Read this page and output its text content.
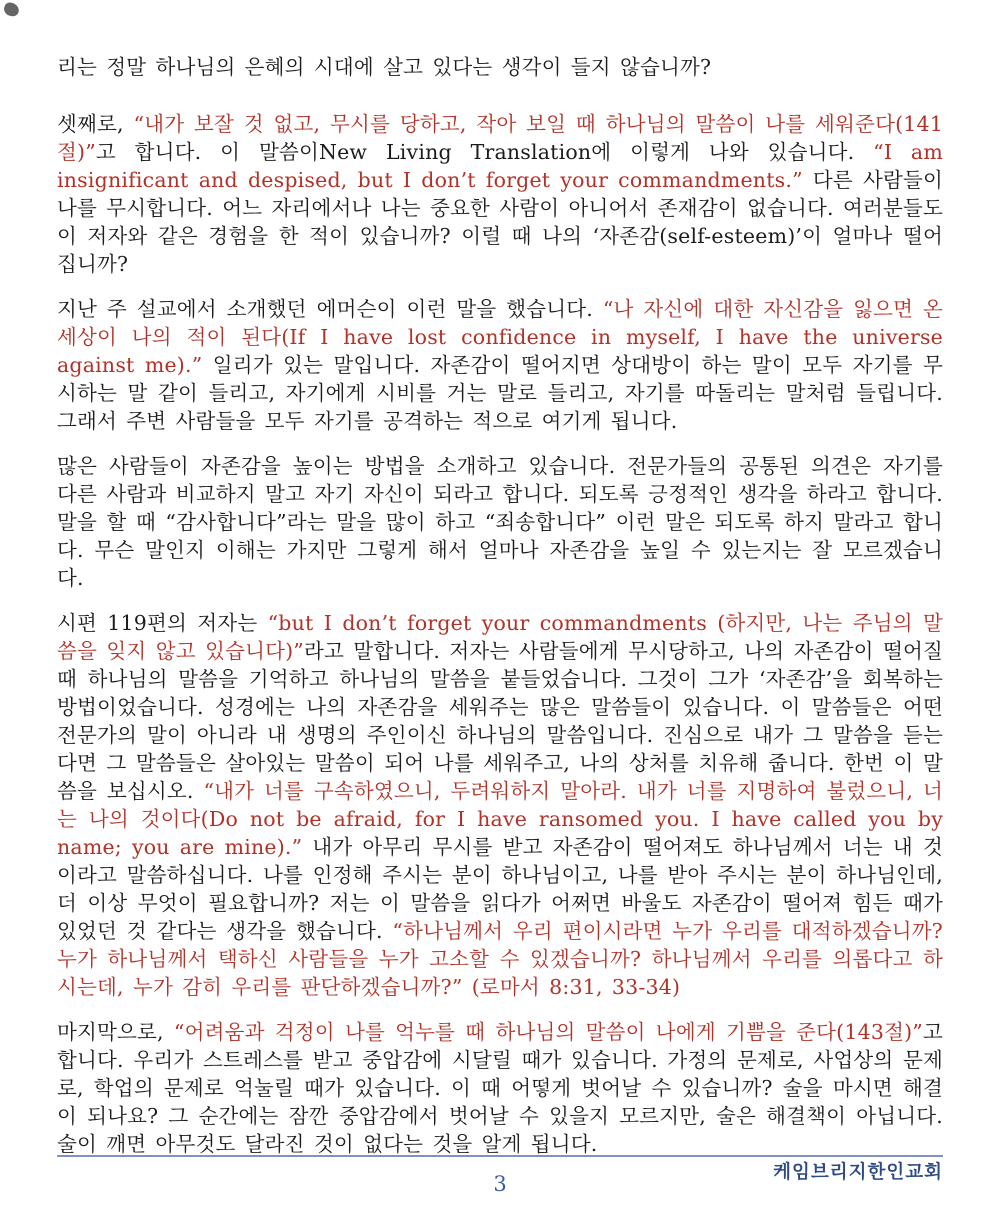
리는 정말 하나님의 은혜의 시대에 살고 있다는 생각이 들지 않습니까?

셋째로, “내가 보잘 것 없고, 무시를 당하고, 작아 보일 때 하나님의 말씀이 나를 세워준다(141절)”고 합니다. 이 말씀이New Living Translation에 이렇게 나와 있습니다. “I am insignificant and despised, but I don’t forget your commandments.” 다른 사람들이 나를 무시합니다. 어느 자리에서나 나는 중요한 사람이 아니어서 존재감이 없습니다. 여러분들도 이 저자와 같은 경험을 한 적이 있습니까? 이럴 때 나의 ‘자존감(self-esteem)’이 얼마나 떨어집니까?

지난 주 설교에서 소개했던 에머슨이 이런 말을 했습니다. “나 자신에 대한 자신감을 잃으면 온 세상이 나의 적이 된다(If I have lost confidence in myself, I have the universe against me).” 일리가 있는 말입니다. 자존감이 떨어지면 상대방이 하는 말이 모두 자기를 무시하는 말 같이 들리고, 자기에게 시비를 거는 말로 들리고, 자기를 따돌리는 말처럼 들립니다. 그래서 주변 사람들을 모두 자기를 공격하는 적으로 여기게 됩니다.

많은 사람들이 자존감을 높이는 방법을 소개하고 있습니다. 전문가들의 공통된 의견은 자기를 다른 사람과 비교하지 말고 자기 자신이 되라고 합니다. 되도록 긍정적인 생각을 하라고 합니다. 말을 할 때 “감사합니다”라는 말을 많이 하고 “죄송합니다” 이런 말은 되도록 하지 말라고 합니다. 무슨 말인지 이해는 가지만 그렇게 해서 얼마나 자존감을 높일 수 있는지는 잘 모르겠습니다.

시편 119편의 저자는 “but I don’t forget your commandments (하지만, 나는 주님의 말씀을 잊지 않고 있습니다)”라고 말합니다. 저자는 사람들에게 무시당하고, 나의 자존감이 떨어질 때 하나님의 말씀을 기억하고 하나님의 말씀을 붙들었습니다. 그것이 그가 ‘자존감’을 회복하는 방법이었습니다. 성경에는 나의 자존감을 세워주는 많은 말씀들이 있습니다. 이 말씀들은 어떤 전문가의 말이 아니라 내 생명의 주인이신 하나님의 말씀입니다. 진심으로 내가 그 말씀을 듣는다면 그 말씀들은 살아있는 말씀이 되어 나를 세워주고, 나의 상처를 치유해 줍니다. 한번 이 말씀을 보십시오. “내가 너를 구속하였으니, 두려워하지 말아라. 내가 너를 지명하여 불렀으니, 너는 나의 것이다(Do not be afraid, for I have ransomed you. I have called you by name; you are mine).” 내가 아무리 무시를 받고 자존감이 떨어져도 하나님께서 너는 내 것이라고 말씀하십니다. 나를 인정해 주시는 분이 하나님이고, 나를 받아 주시는 분이 하나님인데, 더 이상 무엇이 필요합니까? 저는 이 말씀을 읽다가 어쩌면 바울도 자존감이 떨어져 힘든 때가 있었던 것 같다는 생각을 했습니다. “하나님께서 우리 편이시라면 누가 우리를 대적하겠습니까? 누가 하나님께서 택하신 사람들을 누가 고소할 수 있겠습니까? 하나님께서 우리를 의롭다고 하시는데, 누가 감히 우리를 판단하겠습니까?” (로마서 8:31, 33-34)

마지막으로, “어려움과 걱정이 나를 억누를 때 하나님의 말씀이 나에게 기쁨을 준다(143절)”고 합니다. 우리가 스트레스를 받고 중압감에 시달릴 때가 있습니다. 가정의 문제로, 사업상의 문제로, 학업의 문제로 억눌릴 때가 있습니다. 이 때 어떻게 벗어날 수 있습니까? 술을 마시면 해결이 되나요? 그 순간에는 잠깐 중압감에서 벗어날 수 있을지 모르지만, 술은 해결책이 아닙니다. 술이 깨면 아무것도 달라진 것이 없다는 것을 알게 됩니다.

케임브리지한인교회
3
